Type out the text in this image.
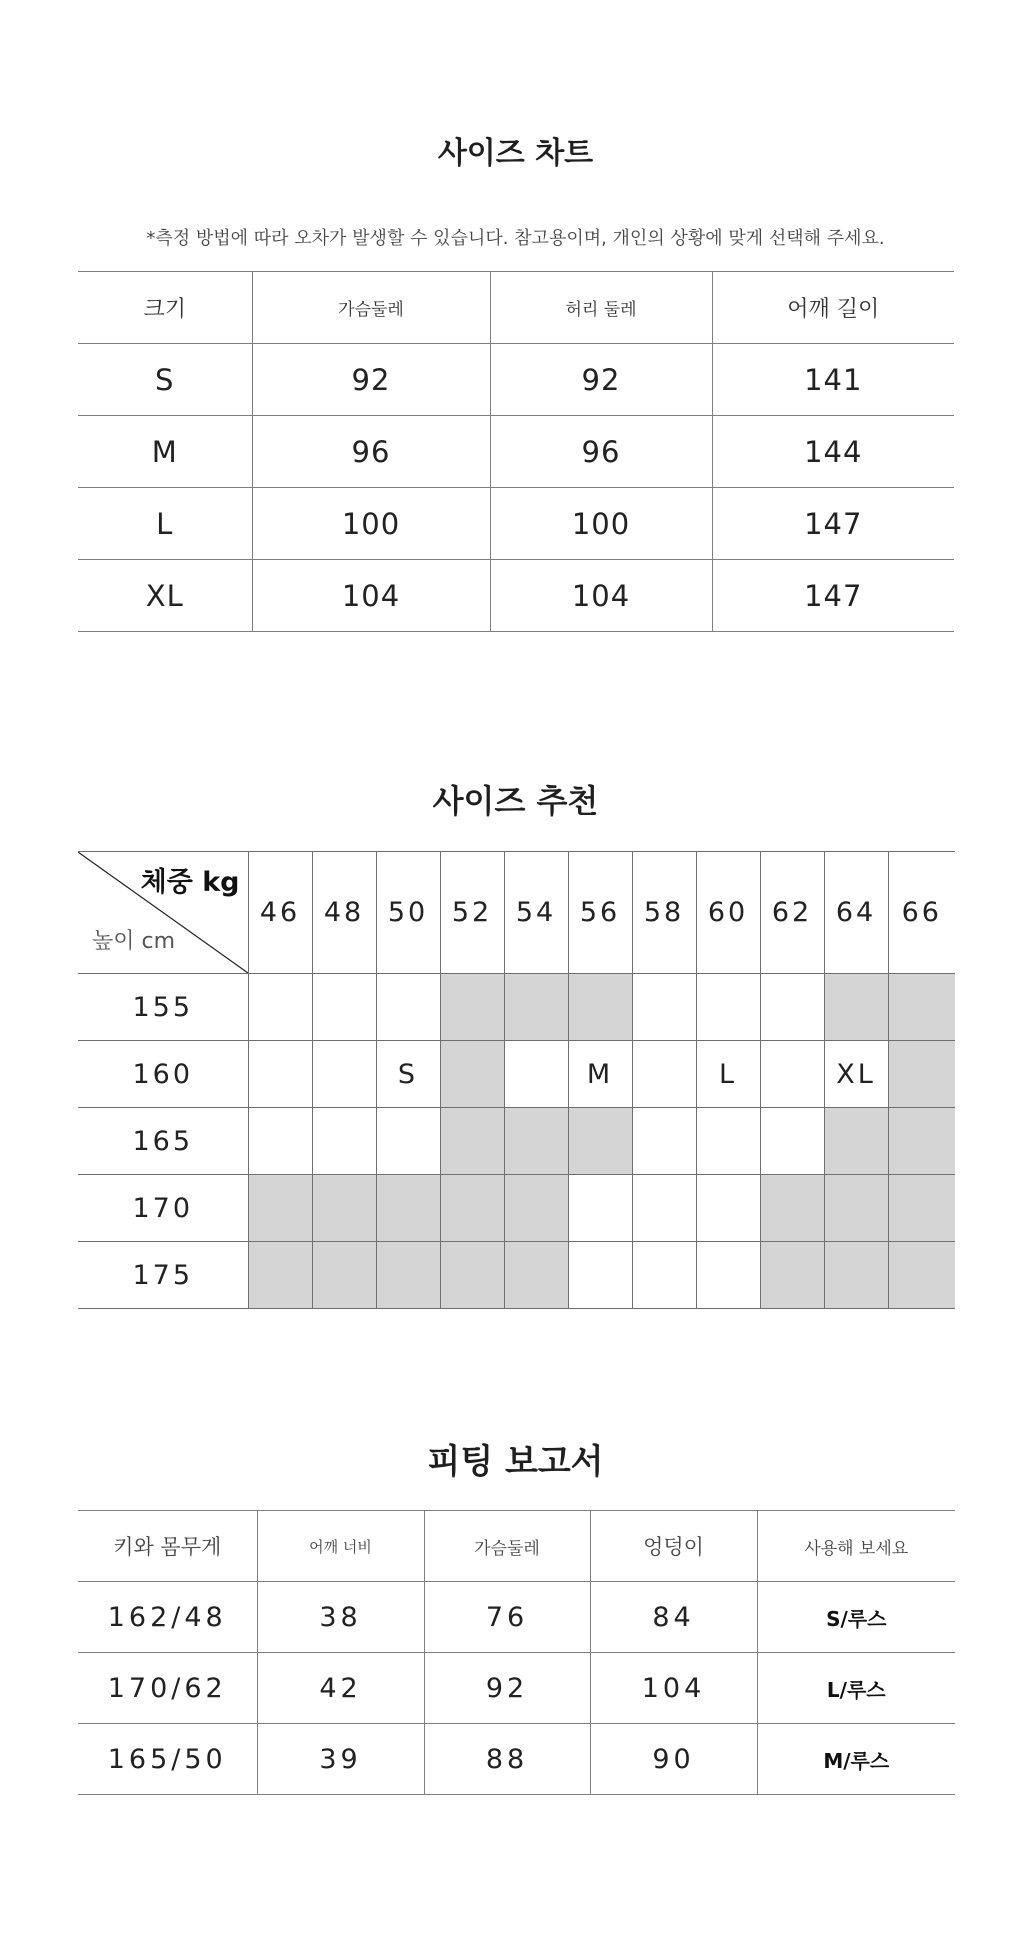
사이즈 차트
*측정 방법에 따라 오차가 발생할 수 있습니다. 참고용이며, 개인의 상황에 맞게 선택해 주세요.
크기	가슴둘레	허리 둘레	어깨 길이
S	92	92	141
M	96	96	144
L	100	100	147
XL	104	104	147
사이즈 추천
체중 kg
높이 cm	46	48	50	52	54	56	58	60	62	64	66
155											
160			S			M		L		XL	
165											
170											
175											
피팅 보고서
키와 몸무게	어깨 너비	가슴둘레	엉덩이	사용해 보세요
162/48	38	76	84	S/루스
170/62	42	92	104	L/루스
165/50	39	88	90	M/루스
